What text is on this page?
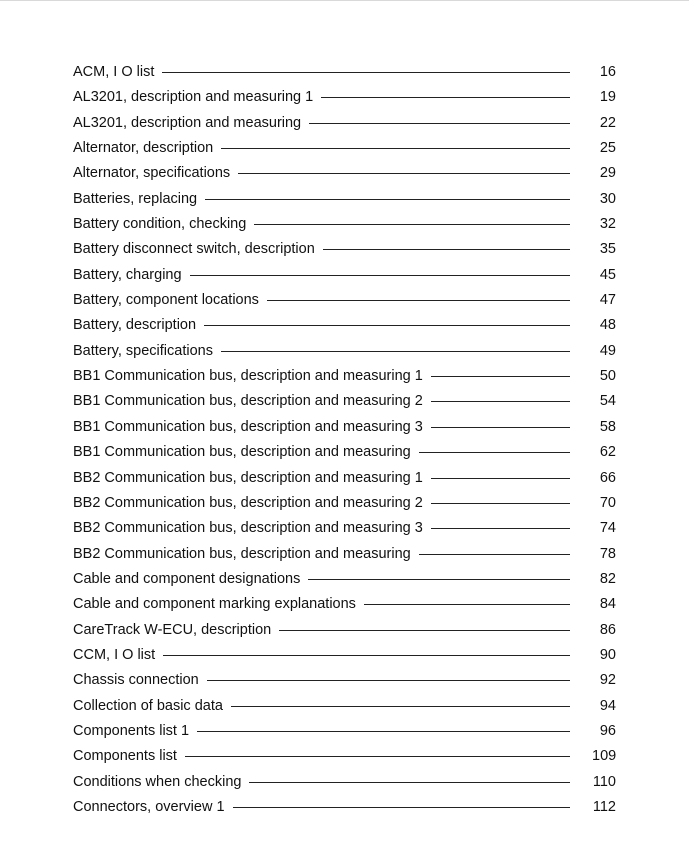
ACM, I O list	16
AL3201, description and measuring 1	19
AL3201, description and measuring	22
Alternator, description	25
Alternator, specifications	29
Batteries, replacing	30
Battery condition, checking	32
Battery disconnect switch, description	35
Battery, charging	45
Battery, component locations	47
Battery, description	48
Battery, specifications	49
BB1 Communication bus, description and measuring 1	50
BB1 Communication bus, description and measuring 2	54
BB1 Communication bus, description and measuring 3	58
BB1 Communication bus, description and measuring	62
BB2 Communication bus, description and measuring 1	66
BB2 Communication bus, description and measuring 2	70
BB2 Communication bus, description and measuring 3	74
BB2 Communication bus, description and measuring	78
Cable and component designations	82
Cable and component marking explanations	84
CareTrack W-ECU, description	86
CCM, I O list	90
Chassis connection	92
Collection of basic data	94
Components list 1	96
Components list	109
Conditions when checking	110
Connectors, overview 1	112
